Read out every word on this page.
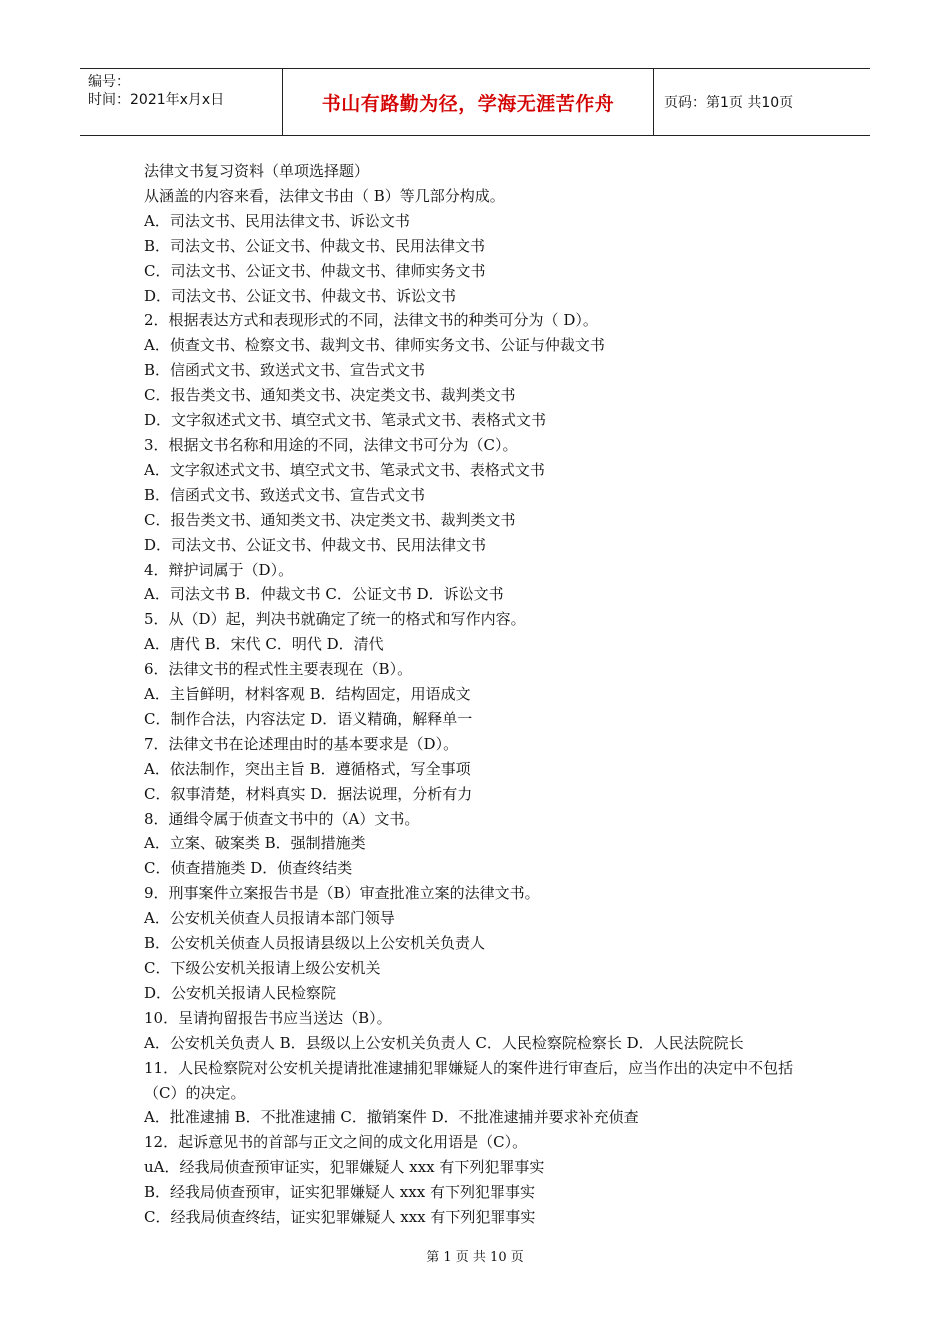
编号：
时间：2021年x月x日	书山有路勤为径，学海无涯苦作舟	页码：第1页 共10页

法律文书复习资料（单项选择题）

从涵盖的内容来看，法律文书由（ B）等几部分构成。

A．司法文书、民用法律文书、诉讼文书

B．司法文书、公证文书、仲裁文书、民用法律文书

C．司法文书、公证文书、仲裁文书、律师实务文书

D．司法文书、公证文书、仲裁文书、诉讼文书

2．根据表达方式和表现形式的不同，法律文书的种类可分为（ D）。

A．侦查文书、检察文书、裁判文书、律师实务文书、公证与仲裁文书

B．信函式文书、致送式文书、宣告式文书

C．报告类文书、通知类文书、决定类文书、裁判类文书

D．文字叙述式文书、填空式文书、笔录式文书、表格式文书

3．根据文书名称和用途的不同，法律文书可分为（C）。

A．文字叙述式文书、填空式文书、笔录式文书、表格式文书

B．信函式文书、致送式文书、宣告式文书

C．报告类文书、通知类文书、决定类文书、裁判类文书

D．司法文书、公证文书、仲裁文书、民用法律文书

4．辩护词属于（D）。

A．司法文书 B．仲裁文书 C．公证文书 D．诉讼文书

5．从（D）起，判决书就确定了统一的格式和写作内容。

A．唐代 B．宋代 C．明代 D．清代

6．法律文书的程式性主要表现在（B）。

A．主旨鲜明，材料客观 B．结构固定，用语成文

C．制作合法，内容法定 D．语义精确，解释单一

7．法律文书在论述理由时的基本要求是（D）。

A．依法制作，突出主旨 B．遵循格式，写全事项

C．叙事清楚，材料真实 D．据法说理，分析有力

8．通缉令属于侦查文书中的（A）文书。

A．立案、破案类 B．强制措施类

C．侦查措施类 D．侦查终结类

9．刑事案件立案报告书是（B）审查批准立案的法律文书。

A．公安机关侦查人员报请本部门领导

B．公安机关侦查人员报请县级以上公安机关负责人

C．下级公安机关报请上级公安机关

D．公安机关报请人民检察院

10．呈请拘留报告书应当送达（B）。

A．公安机关负责人 B．县级以上公安机关负责人 C．人民检察院检察长 D．人民法院院长

11．人民检察院对公安机关提请批准逮捕犯罪嫌疑人的案件进行审查后，应当作出的决定中不包括（C）的决定。

A．批准逮捕 B．不批准逮捕 C．撤销案件 D．不批准逮捕并要求补充侦查

12．起诉意见书的首部与正文之间的成文化用语是（C）。

uA．经我局侦查预审证实，犯罪嫌疑人 xxx 有下列犯罪事实

B．经我局侦查预审，证实犯罪嫌疑人 xxx 有下列犯罪事实

C．经我局侦查终结，证实犯罪嫌疑人 xxx 有下列犯罪事实

第 1 页 共 10 页
